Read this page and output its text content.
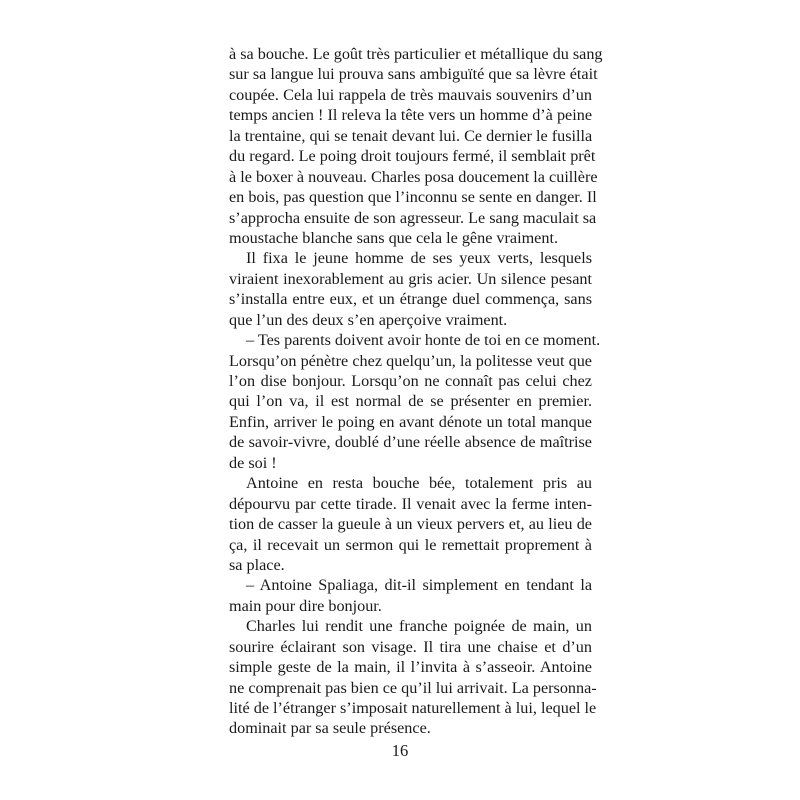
à sa bouche. Le goût très particulier et métallique du sang
sur sa langue lui prouva sans ambiguïté que sa lèvre était
coupée. Cela lui rappela de très mauvais souvenirs d’un
temps ancien ! Il releva la tête vers un homme d’à peine
la trentaine, qui se tenait devant lui. Ce dernier le fusilla
du regard. Le poing droit toujours fermé, il semblait prêt
à le boxer à nouveau. Charles posa doucement la cuillère
en bois, pas question que l’inconnu se sente en danger. Il
s’approcha ensuite de son agresseur. Le sang maculait sa
moustache blanche sans que cela le gêne vraiment.
Il fixa le jeune homme de ses yeux verts, lesquels
viraient inexorablement au gris acier. Un silence pesant
s’installa entre eux, et un étrange duel commença, sans
que l’un des deux s’en aperçoive vraiment.
– Tes parents doivent avoir honte de toi en ce moment.
Lorsqu’on pénètre chez quelqu’un, la politesse veut que
l’on dise bonjour. Lorsqu’on ne connaît pas celui chez
qui l’on va, il est normal de se présenter en premier.
Enfin, arriver le poing en avant dénote un total manque
de savoir-vivre, doublé d’une réelle absence de maîtrise
de soi !
Antoine en resta bouche bée, totalement pris au
dépourvu par cette tirade. Il venait avec la ferme inten-
tion de casser la gueule à un vieux pervers et, au lieu de
ça, il recevait un sermon qui le remettait proprement à
sa place.
– Antoine Spaliaga, dit-il simplement en tendant la
main pour dire bonjour.
Charles lui rendit une franche poignée de main, un
sourire éclairant son visage. Il tira une chaise et d’un
simple geste de la main, il l’invita à s’asseoir. Antoine
ne comprenait pas bien ce qu’il lui arrivait. La personna-
lité de l’étranger s’imposait naturellement à lui, lequel le
dominait par sa seule présence.
16
